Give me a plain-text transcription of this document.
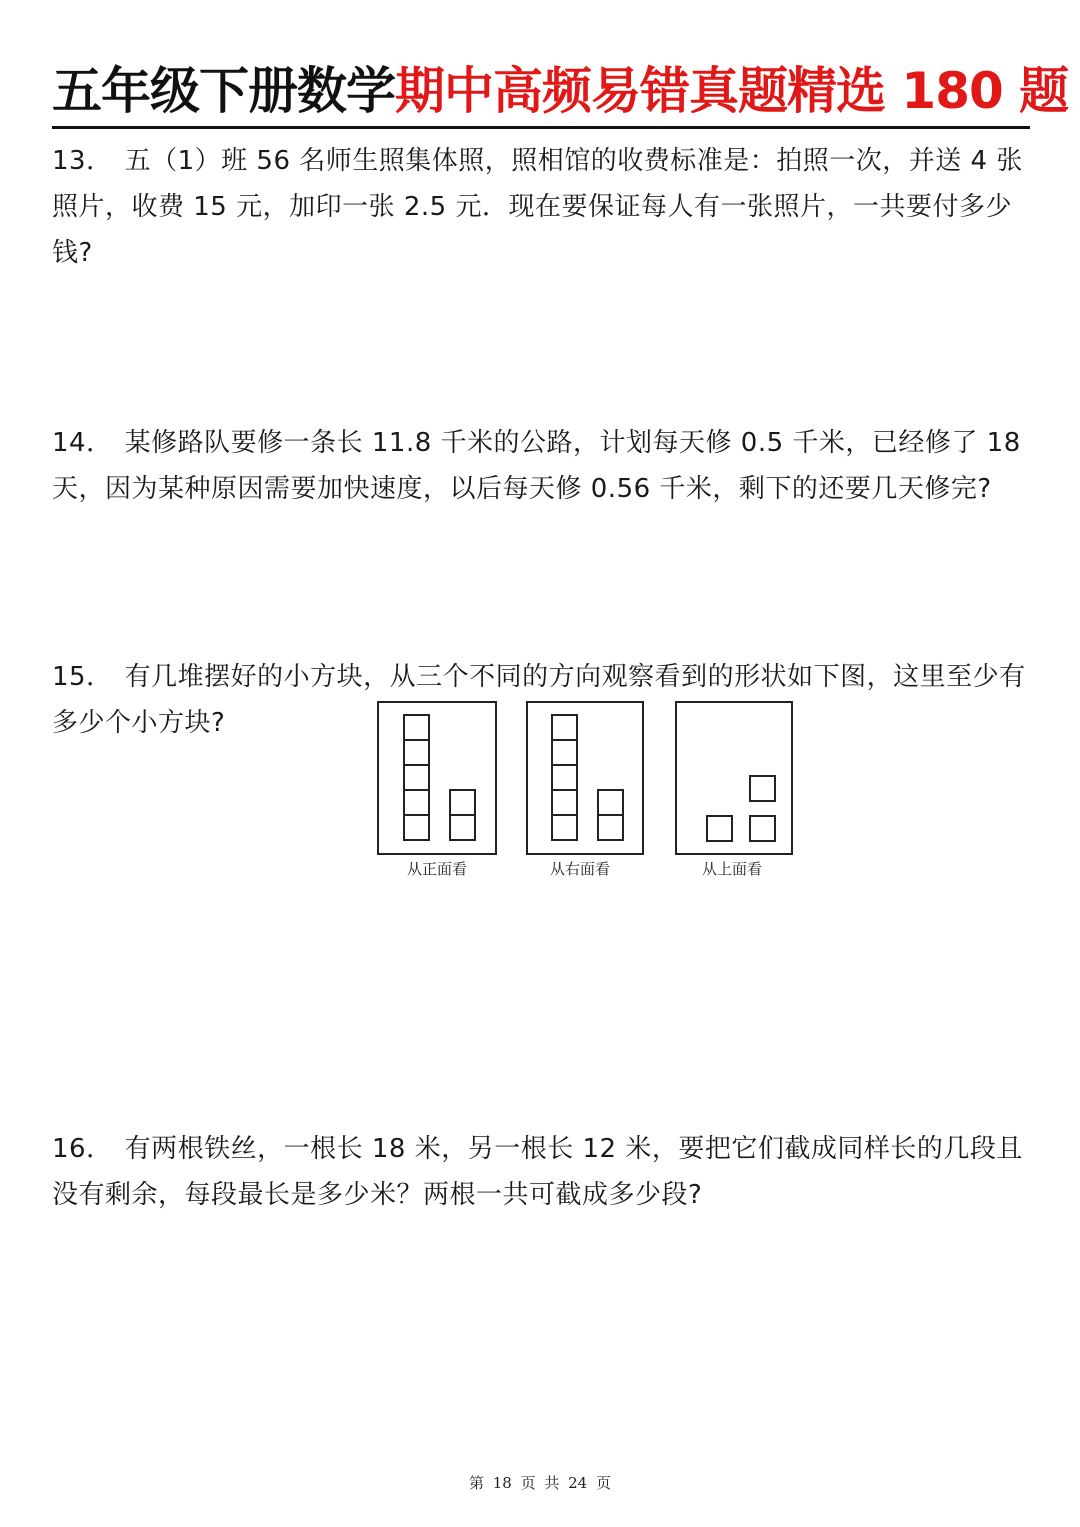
五年级下册数学期中高频易错真题精选 180 题
13． 五（1）班 56 名师生照集体照，照相馆的收费标准是：拍照一次，并送 4 张照片，收费 15 元，加印一张 2.5 元．现在要保证每人有一张照片，一共要付多少钱?
14． 某修路队要修一条长 11.8 千米的公路，计划每天修 0.5 千米，已经修了 18 天，因为某种原因需要加快速度，以后每天修 0.56 千米，剩下的还要几天修完?
15． 有几堆摆好的小方块，从三个不同的方向观察看到的形状如下图，这里至少有多少个小方块?
从正面看	从右面看	从上面看
16． 有两根铁丝，一根长 18 米，另一根长 12 米，要把它们截成同样长的几段且没有剩余，每段最长是多少米？两根一共可截成多少段?
第 18 页 共 24 页
